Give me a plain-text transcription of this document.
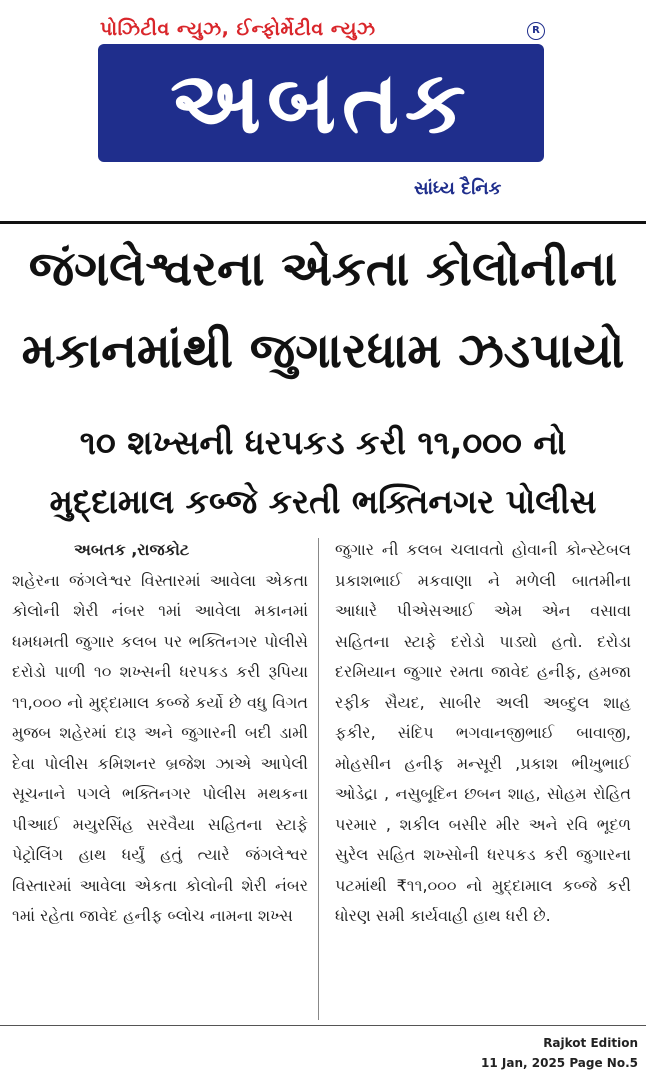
પોઝિટીવ ન્યુઝ, ઈન્ફોર્મેટીવ ન્યુઝ	R
અબતક
સાંધ્ય દૈનિક
જંગલેશ્વરના એકતા કોલોનીના
મકાનમાંથી જુગારધામ ઝડપાયો
૧૦ શખ્સની ધરપકડ કરી ૧૧,૦૦૦ નો
મુદ્દામાલ કબ્જે કરતી ભક્તિનગર પોલીસ
અબતક ,રાજકોટ
શહેરના જંગલેશ્વર વિસ્તારમાં આવેલા એકતા કોલોની શેરી નંબર ૧માં આવેલા મકાનમાં ધમધમતી જુગાર કલબ પર ભક્તિનગર પોલીસે દરોડો પાળી ૧૦ શખ્સની ધરપકડ કરી રૂપિયા ૧૧,૦૦૦ નો મુદ્દામાલ કબ્જે કર્યો છે વધુ વિગત મુજબ શહેરમાં દારૂ અને જુગારની બદી ડામી દેવા પોલીસ કમિશનર બ્રજેશ ઝાએ આપેલી સૂચનાને પગલે ભક્તિનગર પોલીસ મથકના પીઆઈ મયુરસિંહ સરવૈયા સહિતના સ્ટાફે પેટ્રોલિંગ હાથ ધર્યું હતું ત્યારે જંગલેશ્વર વિસ્તારમાં આવેલા એકતા કોલોની શેરી નંબર ૧માં રહેતા જાવેદ હનીફ બ્લોચ નામના શખ્સ
જુગાર ની કલબ ચલાવતો હોવાની કોન્સ્ટેબલ પ્રકાશભાઈ મકવાણા ને મળેલી બાતમીના આધારે પીએસઆઈ એમ એન વસાવા સહિતના સ્ટાફે દરોડો પાડ્યો હતો. દરોડા દરમિયાન જુગાર રમતા જાવેદ હનીફ, હમજા રફીક સૈયદ, સાબીર અલી અબ્દુલ શાહ ફકીર, સંદિપ ભગવાનજીભાઈ બાવાજી, મોહસીન હનીફ મન્સૂરી ,પ્રકાશ ભીખુભાઈ ઓડેદ્રા , નસુબૂદિન છબન શાહ, સોહમ રોહિત પરમાર , શકીલ બસીર મીર અને રવિ ભૂદળ સુરેલ સહિત શખ્સોની ધરપકડ કરી જુગારના પટમાંથી ₹૧૧,૦૦૦ નો મુદ્દામાલ કબ્જે કરી ધોરણ સમી કાર્યવાહી હાથ ધરી છે.
Rajkot Edition
11 Jan, 2025 Page No.5
